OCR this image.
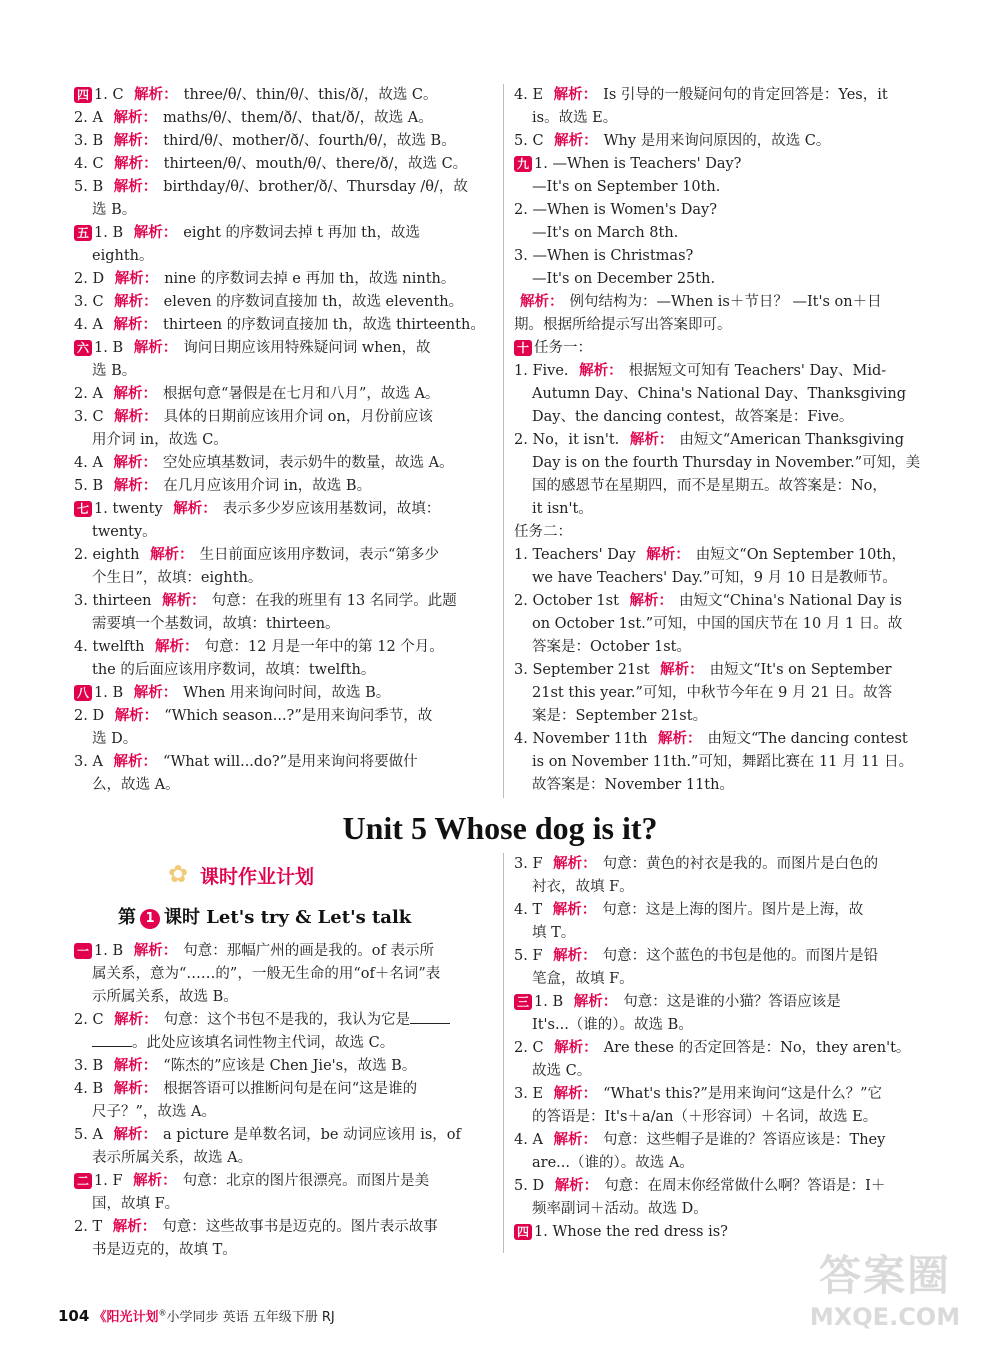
四 1. C 解析： three/θ/、thin/θ/、this/ð/，故选 C。
2. A 解析： maths/θ/、them/ð/、that/ð/，故选 A。
3. B 解析： third/θ/、mother/ð/、fourth/θ/，故选 B。
4. C 解析： thirteen/θ/、mouth/θ/、there/ð/，故选 C。
5. B 解析： birthday/θ/、brother/ð/、Thursday /θ/，故
选 B。
五 1. B 解析： eight 的序数词去掉 t 再加 th，故选
eighth。
2. D 解析： nine 的序数词去掉 e 再加 th，故选 ninth。
3. C 解析： eleven 的序数词直接加 th，故选 eleventh。
4. A 解析： thirteen 的序数词直接加 th，故选 thirteenth。
六 1. B 解析： 询问日期应该用特殊疑问词 when，故
选 B。
2. A 解析： 根据句意“暑假是在七月和八月”，故选 A。
3. C 解析： 具体的日期前应该用介词 on，月份前应该
用介词 in，故选 C。
4. A 解析： 空处应填基数词，表示奶牛的数量，故选 A。
5. B 解析： 在几月应该用介词 in，故选 B。
七 1. twenty 解析： 表示多少岁应该用基数词，故填：
twenty。
2. eighth 解析： 生日前面应该用序数词，表示“第多少
个生日”，故填：eighth。
3. thirteen 解析： 句意：在我的班里有 13 名同学。此题
需要填一个基数词，故填：thirteen。
4. twelfth 解析： 句意：12 月是一年中的第 12 个月。
the 的后面应该用序数词，故填：twelfth。
八 1. B 解析： When 用来询问时间，故选 B。
2. D 解析： “Which season...?”是用来询问季节，故
选 D。
3. A 解析： “What will...do?”是用来询问将要做什
么，故选 A。
4. E 解析： Is 引导的一般疑问句的肯定回答是：Yes，it
is。故选 E。
5. C 解析： Why 是用来询问原因的，故选 C。
九 1. —When is Teachers' Day?
—It's on September 10th.
2. —When is Women's Day?
—It's on March 8th.
3. —When is Christmas?
—It's on December 25th.
解析： 例句结构为：—When is＋节日？ —It's on＋日
期。根据所给提示写出答案即可。
十 任务一：
1. Five. 解析： 根据短文可知有 Teachers' Day、Mid-
Autumn Day、China's National Day、Thanksgiving
Day、the dancing contest，故答案是：Five。
2. No，it isn't. 解析： 由短文“American Thanksgiving
Day is on the fourth Thursday in November.”可知，美
国的感恩节在星期四，而不是星期五。故答案是：No，
it isn't。
任务二：
1. Teachers' Day 解析： 由短文“On September 10th，
we have Teachers' Day.”可知，9 月 10 日是教师节。
2. October 1st 解析： 由短文“China's National Day is
on October 1st.”可知，中国的国庆节在 10 月 1 日。故
答案是：October 1st。
3. September 21st 解析： 由短文“It's on September
21st this year.”可知，中秋节今年在 9 月 21 日。故答
案是：September 21st。
4. November 11th 解析： 由短文“The dancing contest
is on November 11th.”可知，舞蹈比赛在 11 月 11 日。
故答案是：November 11th。
Unit 5 Whose dog is it?
✿ 课时作业计划
第 1 课时 Let's try & Let's talk
一 1. B 解析： 句意：那幅广州的画是我的。of 表示所
属关系，意为“……的”，一般无生命的用“of＋名词”表
示所属关系，故选 B。
2. C 解析： 句意：这个书包不是我的，我认为它是
。此处应该填名词性物主代词，故选 C。
3. B 解析： “陈杰的”应该是 Chen Jie's，故选 B。
4. B 解析： 根据答语可以推断问句是在问“这是谁的
尺子？”，故选 A。
5. A 解析： a picture 是单数名词，be 动词应该用 is，of
表示所属关系，故选 A。
二 1. F 解析： 句意：北京的图片很漂亮。而图片是美
国，故填 F。
2. T 解析： 句意：这些故事书是迈克的。图片表示故事
书是迈克的，故填 T。
3. F 解析： 句意：黄色的衬衣是我的。而图片是白色的
衬衣，故填 F。
4. T 解析： 句意：这是上海的图片。图片是上海，故
填 T。
5. F 解析： 句意：这个蓝色的书包是他的。而图片是铅
笔盒，故填 F。
三 1. B 解析： 句意：这是谁的小猫？答语应该是
It's...（谁的）。故选 B。
2. C 解析： Are these 的否定回答是：No，they aren't。
故选 C。
3. E 解析： “What's this?”是用来询问“这是什么？”它
的答语是：It's＋a/an（＋形容词）＋名词，故选 E。
4. A 解析： 句意：这些帽子是谁的？答语应该是：They
are...（谁的）。故选 A。
5. D 解析： 句意：在周末你经常做什么啊？答语是：I＋
频率副词＋活动。故选 D。
四 1. Whose the red dress is?
104 《阳光计划®小学同步 英语 五年级下册 RJ
答案圈
MXQE.COM
